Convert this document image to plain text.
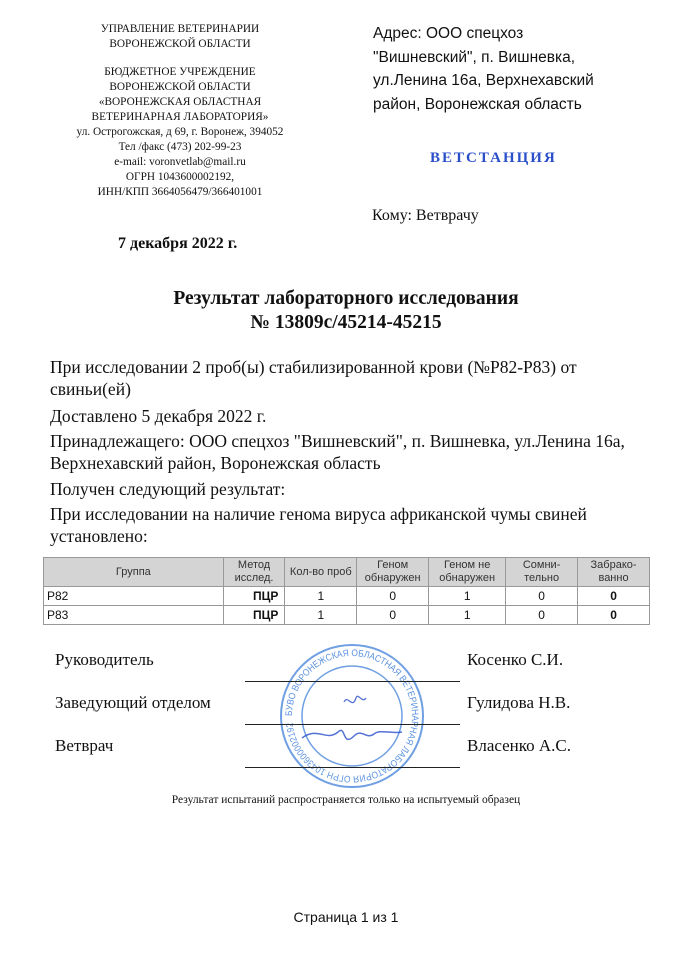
УПРАВЛЕНИЕ ВЕТЕРИНАРИИ
ВОРОНЕЖСКОЙ ОБЛАСТИ
БЮДЖЕТНОЕ УЧРЕЖДЕНИЕ
ВОРОНЕЖСКОЙ ОБЛАСТИ
«ВОРОНЕЖСКАЯ ОБЛАСТНАЯ
ВЕТЕРИНАРНАЯ ЛАБОРАТОРИЯ»
ул. Острогожская, д 69, г. Воронеж, 394052
Тел /факс (473) 202-99-23
e-mail: voronvetlab@mail.ru
ОГРН 1043600002192,
ИНН/КПП 3664056479/366401001
Адрес: ООО спецхоз
"Вишневский", п. Вишневка,
ул.Ленина 16а, Верхнехавский
район, Воронежская область
ВЕТСТАНЦИЯ
Кому: Ветврачу
7 декабря 2022 г.
Результат лабораторного исследования
№ 13809с/45214-45215
При исследовании 2 проб(ы) стабилизированной крови (№Р82-Р83) от свиньи(ей)
Доставлено 5 декабря 2022 г.
Принадлежащего: ООО спецхоз "Вишневский", п. Вишневка, ул.Ленина 16а, Верхнехавский район, Воронежская область
Получен следующий результат:
При исследовании на наличие генома вируса африканской чумы свиней установлено:
Группа	Метод исслед.	Кол-во проб	Геном обнаружен	Геном не обнаружен	Сомни-тельно	Забрако-ванно
Р82	ПЦР	1	0	1	0	0
Р83	ПЦР	1	0	1	0	0
БУВО ВОРОНЕЖСКАЯ ОБЛАСТНАЯ ВЕТЕРИНАРНАЯ ЛАБОРАТОРИЯ ОГРН 1043600002192
Результат испытаний распространяется только на испытуемый образец
Страница 1 из 1
Руководитель	Косенко С.И.
Заведующий отделом	Гулидова Н.В.
Ветврач	Власенко А.С.
